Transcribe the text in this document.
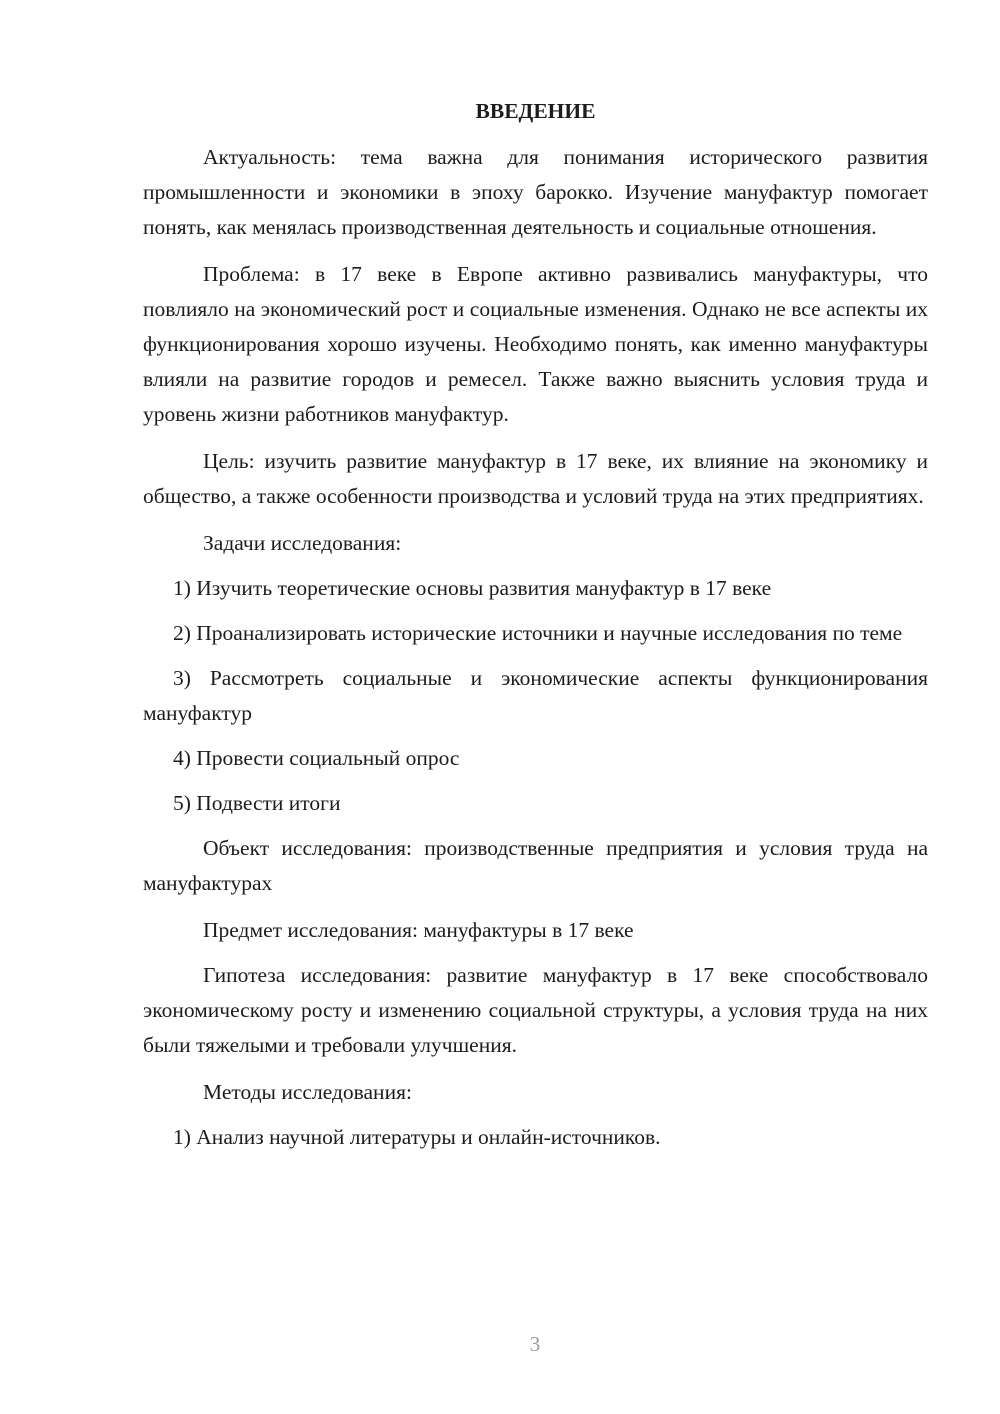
ВВЕДЕНИЕ

Актуальность: тема важна для понимания исторического развития промышленности и экономики в эпоху барокко. Изучение мануфактур помогает понять, как менялась производственная деятельность и социальные отношения.

Проблема: в 17 веке в Европе активно развивались мануфактуры, что повлияло на экономический рост и социальные изменения. Однако не все аспекты их функционирования хорошо изучены. Необходимо понять, как именно мануфактуры влияли на развитие городов и ремесел. Также важно выяснить условия труда и уровень жизни работников мануфактур.

Цель: изучить развитие мануфактур в 17 веке, их влияние на экономику и общество, а также особенности производства и условий труда на этих предприятиях.

Задачи исследования:

1) Изучить теоретические основы развития мануфактур в 17 веке

2) Проанализировать исторические источники и научные исследования по теме

3) Рассмотреть социальные и экономические аспекты функционирования мануфактур

4) Провести социальный опрос

5) Подвести итоги

Объект исследования: производственные предприятия и условия труда на мануфактурах

Предмет исследования: мануфактуры в 17 веке

Гипотеза исследования: развитие мануфактур в 17 веке способствовало экономическому росту и изменению социальной структуры, а условия труда на них были тяжелыми и требовали улучшения.

Методы исследования:

1) Анализ научной литературы и онлайн-источников.

3
